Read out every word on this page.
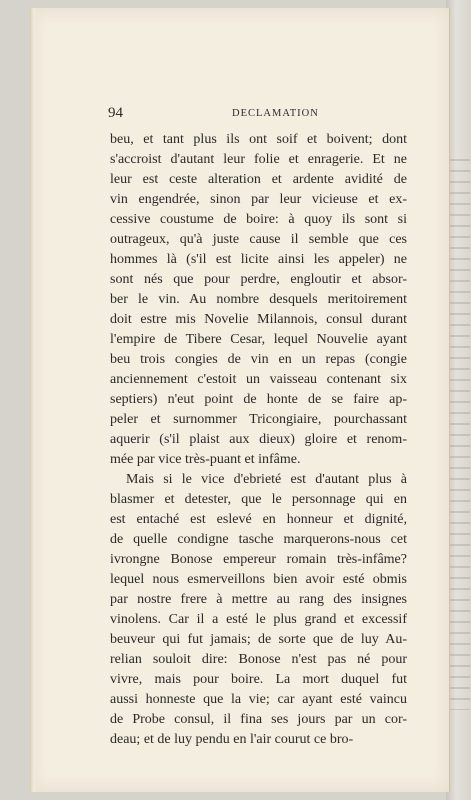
94	DECLAMATION
beu, et tant plus ils ont soif et boivent; dont
s'accroist d'autant leur folie et enragerie. Et ne
leur est ceste alteration et ardente avidité de
vin engendrée, sinon par leur vicieuse et ex-
cessive coustume de boire: à quoy ils sont si
outrageux, qu'à juste cause il semble que ces
hommes là (s'il est licite ainsi les appeler) ne
sont nés que pour perdre, engloutir et absor-
ber le vin. Au nombre desquels meritoirement
doit estre mis Novelie Milannois, consul durant
l'empire de Tibere Cesar, lequel Nouvelie ayant
beu trois congies de vin en un repas (congie
anciennement c'estoit un vaisseau contenant six
septiers) n'eut point de honte de se faire ap-
peler et surnommer Tricongiaire, pourchassant
aquerir (s'il plaist aux dieux) gloire et renom-
mée par vice très-puant et infâme.
Mais si le vice d'ebrieté est d'autant plus à
blasmer et detester, que le personnage qui en
est entaché est eslevé en honneur et dignité,
de quelle condigne tasche marquerons-nous cet
ivrongne Bonose empereur romain très-infâme?
lequel nous esmerveillons bien avoir esté obmis
par nostre frere à mettre au rang des insignes
vinolens. Car il a esté le plus grand et excessif
beuveur qui fut jamais; de sorte que de luy Au-
relian souloit dire: Bonose n'est pas né pour
vivre, mais pour boire. La mort duquel fut
aussi honneste que la vie; car ayant esté vaincu
de Probe consul, il fina ses jours par un cor-
deau; et de luy pendu en l'air courut ce bro-
